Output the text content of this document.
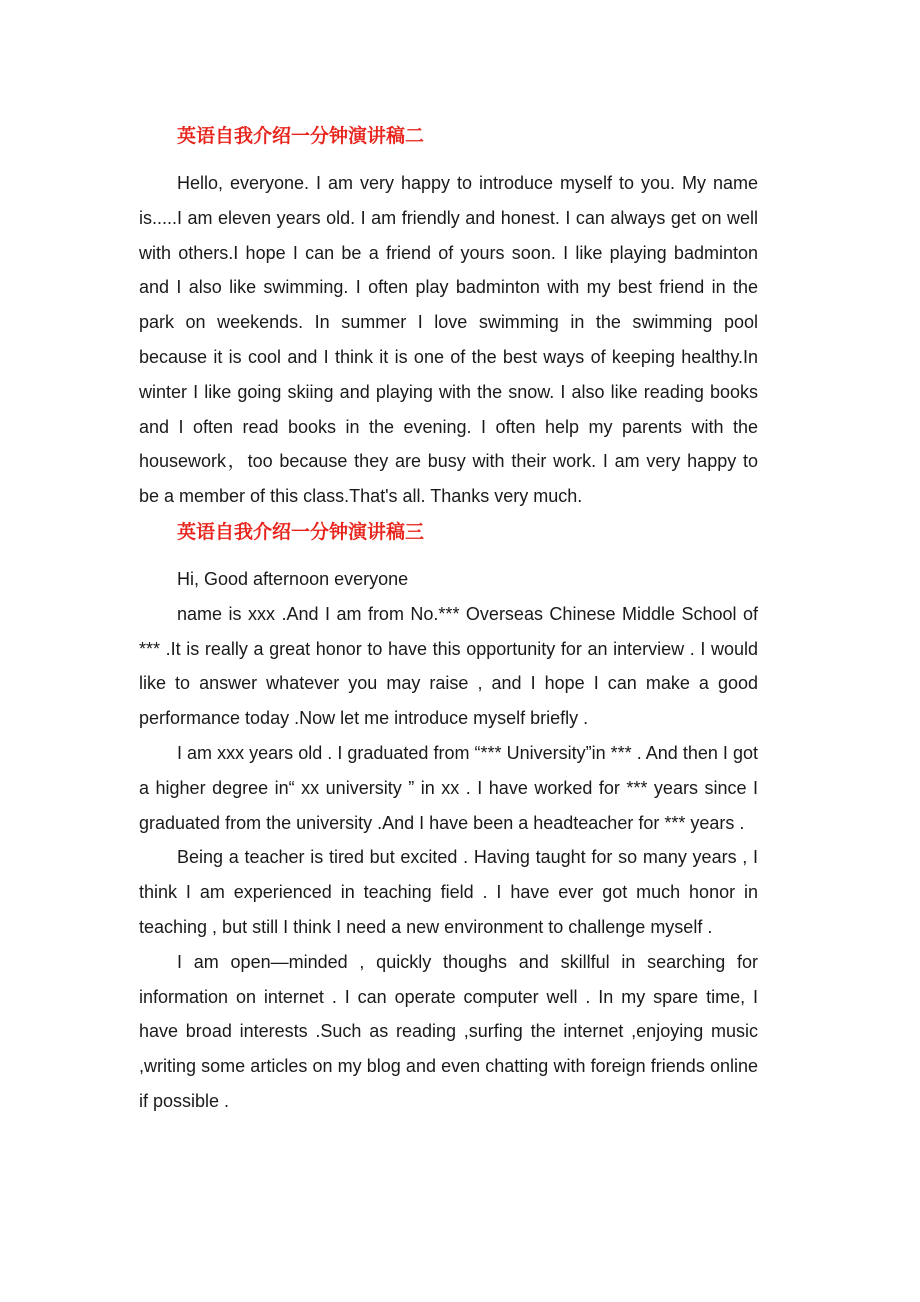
英语自我介绍一分钟演讲稿二

Hello, everyone. I am very happy to introduce myself to you. My name is.....I am eleven years old. I am friendly and honest. I can always get on well with others.I hope I can be a friend of yours soon. I like playing badminton and I also like swimming. I often play badminton with my best friend in the park on weekends. In summer I love swimming in the swimming pool because it is cool and I think it is one of the best ways of keeping healthy.In winter I like going skiing and playing with the snow. I also like reading books and I often read books in the evening. I often help my parents with the housework，too because they are busy with their work. I am very happy to be a member of this class.That's all. Thanks very much.

英语自我介绍一分钟演讲稿三

Hi, Good afternoon everyone

name is xxx .And I am from No.*** Overseas Chinese Middle School of *** .It is really a great honor to have this opportunity for an interview . I would like to answer whatever you may raise , and I hope I can make a good performance today .Now let me introduce myself briefly .

I am xxx years old . I graduated from “*** University”in *** . And then I got a higher degree in“ xx university ” in xx . I have worked for *** years since I graduated from the university .And I have been a headteacher for *** years .

Being a teacher is tired but excited . Having taught for so many years , I think I am experienced in teaching field . I have ever got much honor in teaching , but still I think I need a new environment to challenge myself .

I am open—minded , quickly thoughs and skillful in searching for information on internet . I can operate computer well . In my spare time, I have broad interests .Such as reading ,surfing the internet ,enjoying music ,writing some articles on my blog and even chatting with foreign friends online if possible .
